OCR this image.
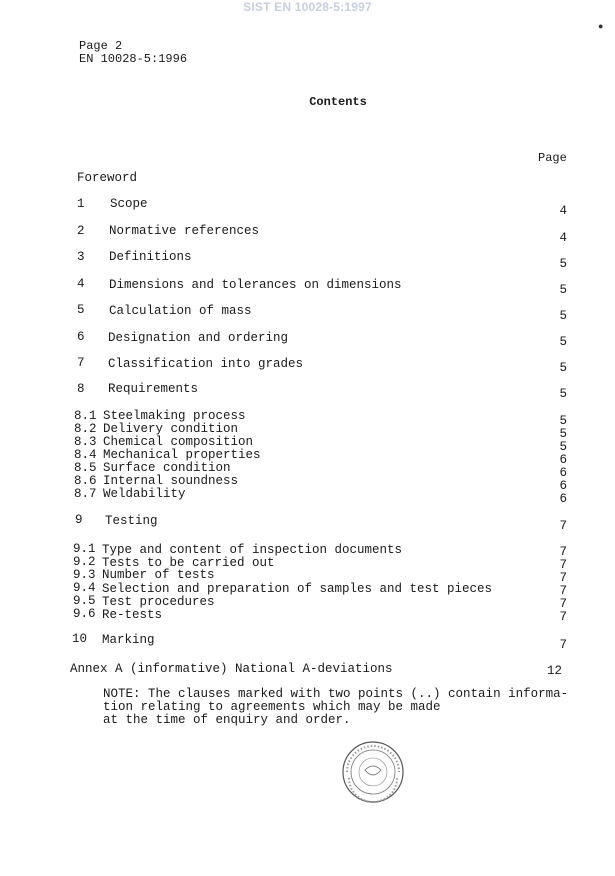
SIST EN 10028-5:1997
Page 2
EN 10028-5:1996
Contents
Page
Foreword
1 Scope	4
2 Normative references	4
3 Definitions	5
4 Dimensions and tolerances on dimensions	5
5 Calculation of mass	5
6 Designation and ordering	5
7 Classification into grades	5
8 Requirements	5
8.1 Steelmaking process	5
8.2 Delivery condition	5
8.3 Chemical composition	5
8.4 Mechanical properties	6
8.5 Surface condition	6
8.6 Internal soundness	6
8.7 Weldability	6
9 Testing	7
9.1 Type and content of inspection documents	7
9.2 Tests to be carried out	7
9.3 Number of tests	7
9.4 Selection and preparation of samples and test pieces	7
9.5 Test procedures	7
9.6 Re-tests	7
10 Marking	7
Annex A (informative) National A-deviations	12
NOTE: The clauses marked with two points (..) contain informa-
tion relating to agreements which may be made
at the time of enquiry and order.
●
